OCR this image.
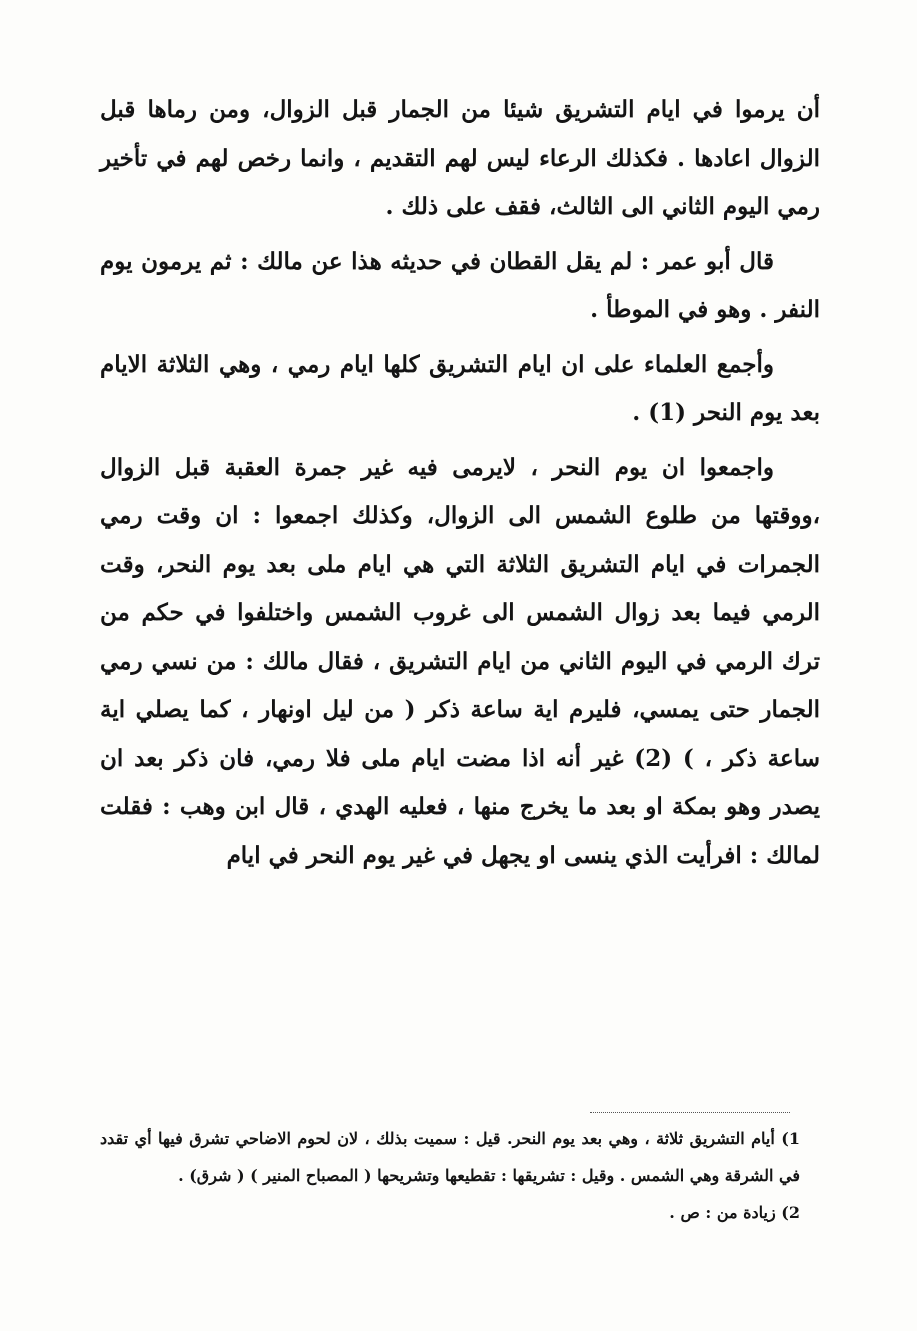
أن يرموا في ايام التشريق شيئا من الجمار قبل الزوال، ومن رماها قبل الزوال اعادها . فكذلك الرعاء ليس لهم التقديم ، وانما رخص لهم في تأخير رمي اليوم الثاني الى الثالث، فقف على ذلك .

قال أبو عمر : لم يقل القطان في حديثه هذا عن مالك : ثم يرمون يوم النفر . وهو في الموطأ .

وأجمع العلماء على ان ايام التشريق كلها ايام رمي ، وهي الثلاثة الايام بعد يوم النحر (1) .

واجمعوا ان يوم النحر ، لايرمى فيه غير جمرة العقبة قبل الزوال ،ووقتها من طلوع الشمس الى الزوال، وكذلك اجمعوا : ان وقت رمي الجمرات في ايام التشريق الثلاثة التي هي ايام ملى بعد يوم النحر، وقت الرمي فيما بعد زوال الشمس الى غروب الشمس واختلفوا في حكم من ترك الرمي في اليوم الثاني من ايام التشريق ، فقال مالك : من نسي رمي الجمار حتى يمسي، فليرم اية ساعة ذكر ( من ليل اونهار ، كما يصلي اية ساعة ذكر ، ) (2) غير أنه اذا مضت ايام ملى فلا رمي، فان ذكر بعد ان يصدر وهو بمكة او بعد ما يخرج منها ، فعليه الهدي ، قال ابن وهب : فقلت لمالك : افرأيت الذي ينسى او يجهل في غير يوم النحر في ايام

1) أيام التشريق ثلاثة ، وهي بعد يوم النحر. قيل : سميت بذلك ، لان لحوم الاضاحي تشرق فيها أي تقدد في الشرقة وهي الشمس . وقيل : تشريقها : تقطيعها وتشريحها ( المصباح المنير ) ( شرق) .

2) زيادة من : ص .
